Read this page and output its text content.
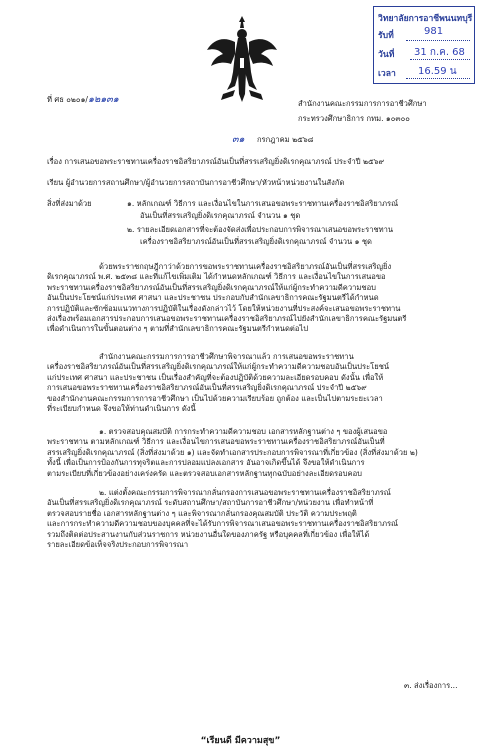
วิทยาลัยการอาชีพนนทบุรี
รับที่	981
วันที่ 31 ก.ค. 68
เวลา 16.59 น
ที่ ศธ ๐๒๐๑/๑๒๑๓๑	สำนักงานคณะกรรมการการอาชีวศึกษา
กระทรวงศึกษาธิการ กทม. ๑๐๓๐๐
๓๑ กรกฎาคม ๒๕๖๘
เรื่อง การเสนอขอพระราชทานเครื่องราชอิสริยาภรณ์อันเป็นที่สรรเสริญยิ่งดิเรกคุณาภรณ์ ประจำปี ๒๕๖๙
เรียน ผู้อำนวยการสถานศึกษา/ผู้อำนวยการสถาบันการอาชีวศึกษา/หัวหน้าหน่วยงานในสังกัด
สิ่งที่ส่งมาด้วย	๑. หลักเกณฑ์ วิธีการ และเงื่อนไขในการเสนอขอพระราชทานเครื่องราชอิสริยาภรณ์
อันเป็นที่สรรเสริญยิ่งดิเรกคุณาภรณ์ จำนวน ๑ ชุด
๒. รายละเอียดเอกสารที่จะต้องจัดส่งเพื่อประกอบการพิจารณาเสนอขอพระราชทาน
เครื่องราชอิสริยาภรณ์อันเป็นที่สรรเสริญยิ่งดิเรกคุณาภรณ์ จำนวน ๑ ชุด
ด้วยพระราชกฤษฎีกาว่าด้วยการขอพระราชทานเครื่องราชอิสริยาภรณ์อันเป็นที่สรรเสริญยิ่ง
ดิเรกคุณาภรณ์ พ.ศ. ๒๕๓๘ และที่แก้ไขเพิ่มเติม ได้กำหนดหลักเกณฑ์ วิธีการ และเงื่อนไขในการเสนอขอ
พระราชทานเครื่องราชอิสริยาภรณ์อันเป็นที่สรรเสริญยิ่งดิเรกคุณาภรณ์ให้แก่ผู้กระทำความดีความชอบ
อันเป็นประโยชน์แก่ประเทศ ศาสนา และประชาชน ประกอบกับสำนักเลขาธิการคณะรัฐมนตรีได้กำหนด
การปฏิบัติและซักซ้อมแนวทางการปฏิบัติในเรื่องดังกล่าวไว้ โดยให้หน่วยงานที่ประสงค์จะเสนอขอพระราชทาน
ส่งเรื่องพร้อมเอกสารประกอบการเสนอขอพระราชทานเครื่องราชอิสริยาภรณ์ไปยังสำนักเลขาธิการคณะรัฐมนตรี
เพื่อดำเนินการในขั้นตอนต่าง ๆ ตามที่สำนักเลขาธิการคณะรัฐมนตรีกำหนดต่อไป
สำนักงานคณะกรรมการการอาชีวศึกษาพิจารณาแล้ว การเสนอขอพระราชทาน
เครื่องราชอิสริยาภรณ์อันเป็นที่สรรเสริญยิ่งดิเรกคุณาภรณ์ให้แก่ผู้กระทำความดีความชอบอันเป็นประโยชน์
แก่ประเทศ ศาสนา และประชาชน เป็นเรื่องสำคัญที่จะต้องปฏิบัติด้วยความละเอียดรอบคอบ ดังนั้น เพื่อให้
การเสนอขอพระราชทานเครื่องราชอิสริยาภรณ์อันเป็นที่สรรเสริญยิ่งดิเรกคุณาภรณ์ ประจำปี ๒๕๖๙
ของสำนักงานคณะกรรมการการอาชีวศึกษา เป็นไปด้วยความเรียบร้อย ถูกต้อง และเป็นไปตามระยะเวลา
ที่ระเบียบกำหนด จึงขอให้ท่านดำเนินการ ดังนี้
๑. ตรวจสอบคุณสมบัติ การกระทำความดีความชอบ เอกสารหลักฐานต่าง ๆ ของผู้เสนอขอ
พระราชทาน ตามหลักเกณฑ์ วิธีการ และเงื่อนไขการเสนอขอพระราชทานเครื่องราชอิสริยาภรณ์อันเป็นที่
สรรเสริญยิ่งดิเรกคุณาภรณ์ (สิ่งที่ส่งมาด้วย ๑) และจัดทำเอกสารประกอบการพิจารณาที่เกี่ยวข้อง (สิ่งที่ส่งมาด้วย ๒)
ทั้งนี้ เพื่อเป็นการป้องกันการทุจริตและการปลอมแปลงเอกสาร อันอาจเกิดขึ้นได้ จึงขอให้ดำเนินการ
ตามระเบียบที่เกี่ยวข้องอย่างเคร่งครัด และตรวจสอบเอกสารหลักฐานทุกฉบับอย่างละเอียดรอบคอบ
๒. แต่งตั้งคณะกรรมการพิจารณากลั่นกรองการเสนอขอพระราชทานเครื่องราชอิสริยาภรณ์
อันเป็นที่สรรเสริญยิ่งดิเรกคุณาภรณ์ ระดับสถานศึกษา/สถาบันการอาชีวศึกษา/หน่วยงาน เพื่อทำหน้าที่
ตรวจสอบรายชื่อ เอกสารหลักฐานต่าง ๆ และพิจารณากลั่นกรองคุณสมบัติ ประวัติ ความประพฤติ
และการกระทำความดีความชอบของบุคคลที่จะได้รับการพิจารณาเสนอขอพระราชทานเครื่องราชอิสริยาภรณ์
รวมถึงติดต่อประสานงานกับส่วนราชการ หน่วยงานอื่นใดของภาครัฐ หรือบุคคลที่เกี่ยวข้อง เพื่อให้ได้
รายละเอียดข้อเท็จจริงประกอบการพิจารณา
๓. ส่งเรื่องการ...
“เรียนดี มีความสุข”
